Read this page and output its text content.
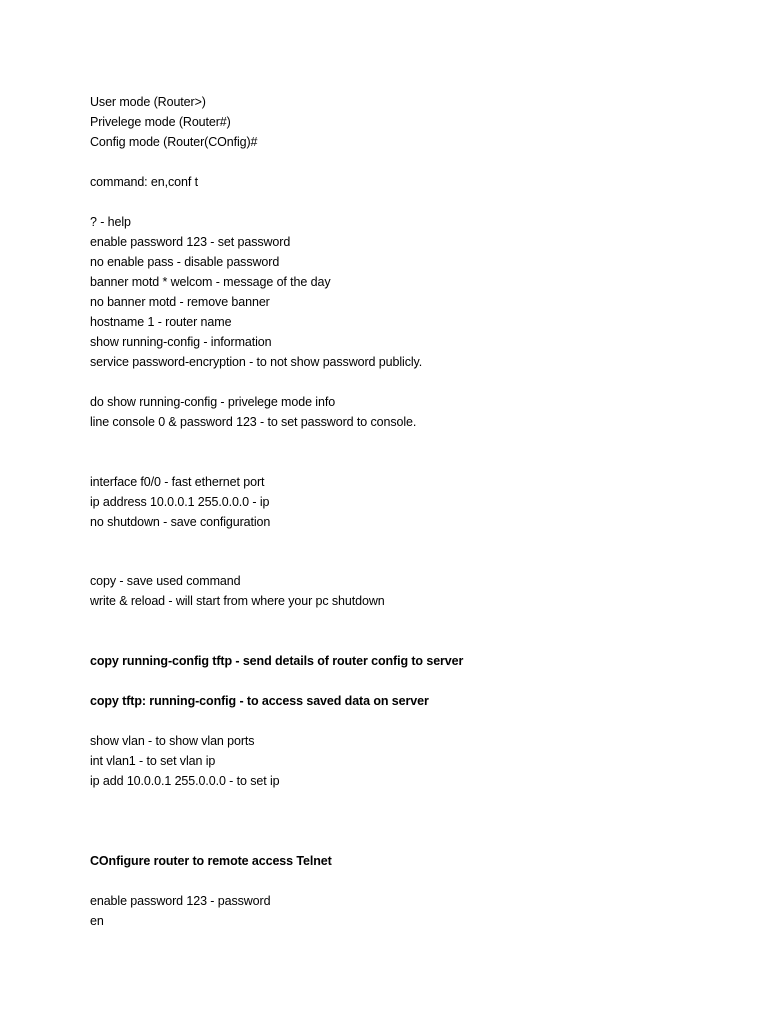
User mode (Router>)

Privelege mode (Router#)

Config mode (Router(COnfig)#

command: en,conf t

? - help

enable password 123 - set password

no enable pass - disable password

banner motd * welcom - message of the day

no banner motd - remove banner

hostname 1 - router name

show running-config - information

service password-encryption - to not show password publicly.

do show running-config - privelege mode info

line console 0 & password 123 - to set password to console.

interface f0/0 - fast ethernet port

ip address 10.0.0.1 255.0.0.0 - ip

no shutdown - save configuration

copy - save used command

write & reload - will start from where your pc shutdown

copy running-config tftp - send details of router config to server

copy tftp: running-config - to access saved data on server

show vlan - to show vlan ports

int vlan1 - to set vlan ip

ip add 10.0.0.1 255.0.0.0 - to set ip

COnfigure router to remote access Telnet

enable password 123 - password

en
